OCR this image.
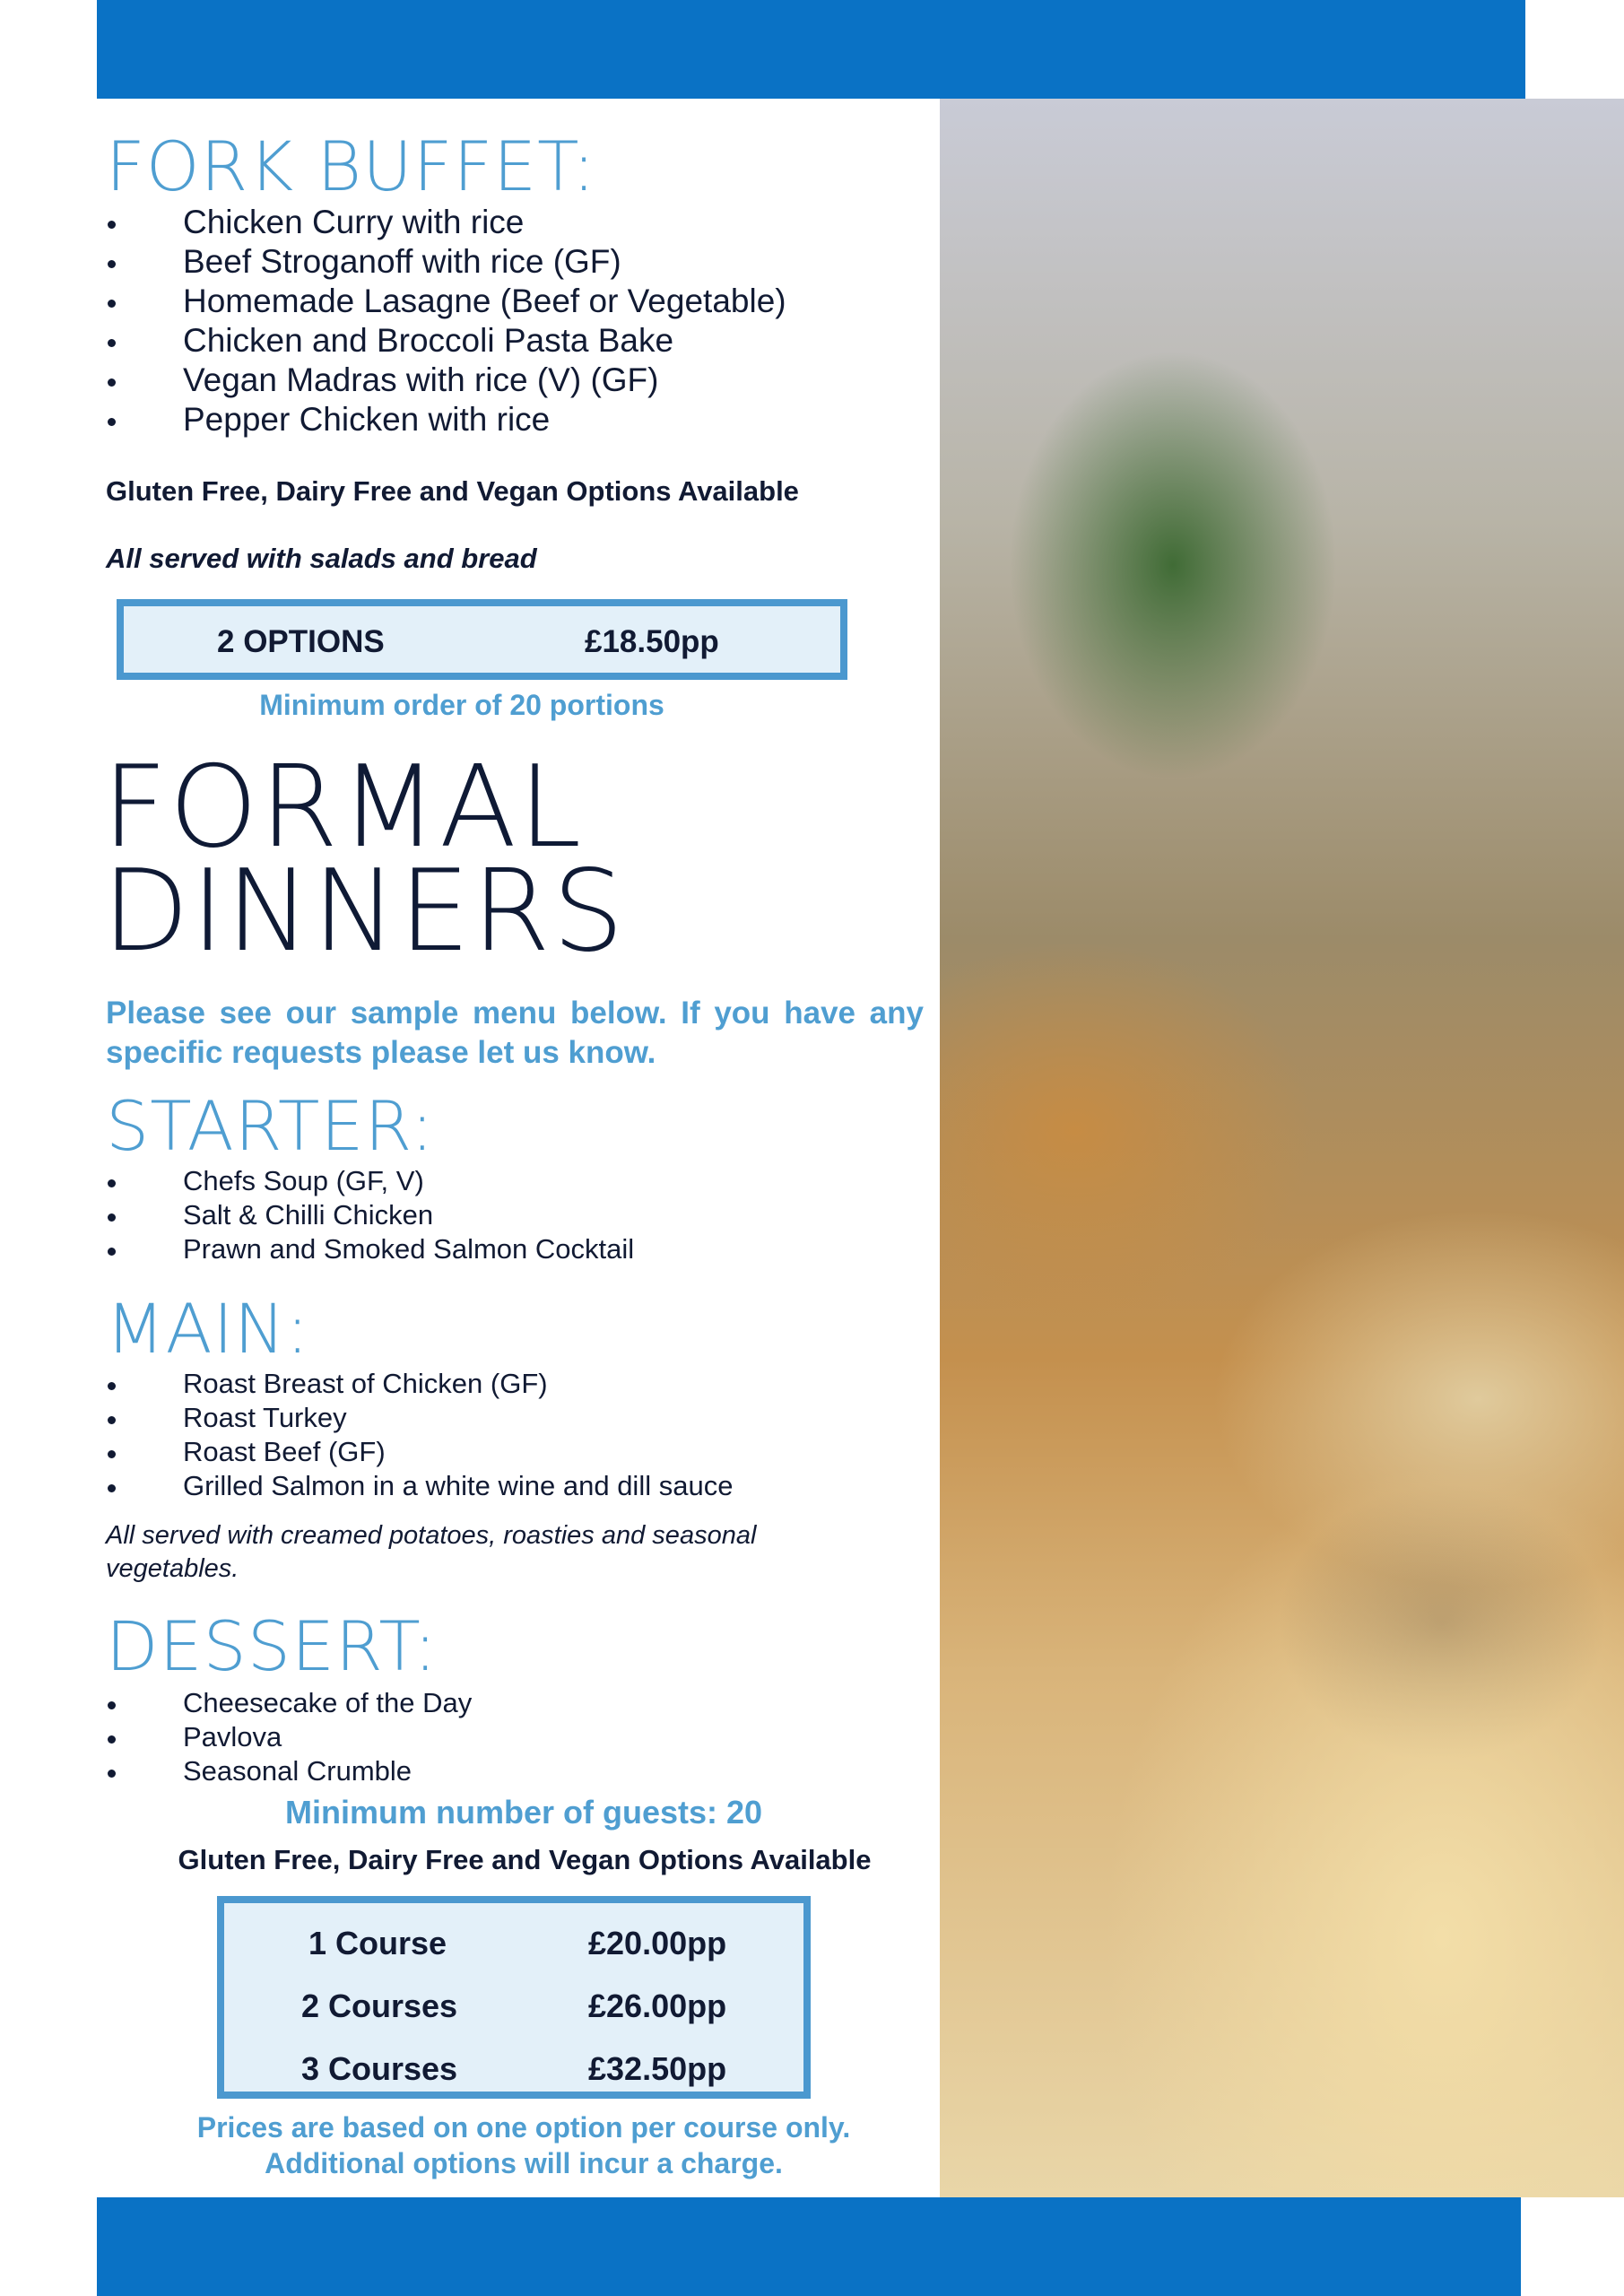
FORK BUFFET:
Chicken Curry with rice
Beef Stroganoff with rice (GF)
Homemade Lasagne (Beef or Vegetable)
Chicken and Broccoli Pasta Bake
Vegan Madras with rice (V) (GF)
Pepper Chicken with rice
Gluten Free, Dairy Free and Vegan Options Available
All served with salads and bread
2 OPTIONS	£18.50pp
Minimum order of 20 portions
FORMAL
DINNERS
Please see our sample menu below. If you have any specific requests please let us know.
STARTER:
Chefs Soup (GF, V)
Salt & Chilli Chicken
Prawn and Smoked Salmon Cocktail
MAIN:
Roast Breast of Chicken (GF)
Roast Turkey
Roast Beef (GF)
Grilled Salmon in a white wine and dill sauce
All served with creamed potatoes, roasties and seasonal vegetables.
DESSERT:
Cheesecake of the Day
Pavlova
Seasonal Crumble
Minimum number of guests: 20
Gluten Free, Dairy Free and Vegan Options Available
1 Course	£20.00pp
2 Courses	£26.00pp
3 Courses	£32.50pp
Prices are based on one option per course only.
Additional options will incur a charge.
